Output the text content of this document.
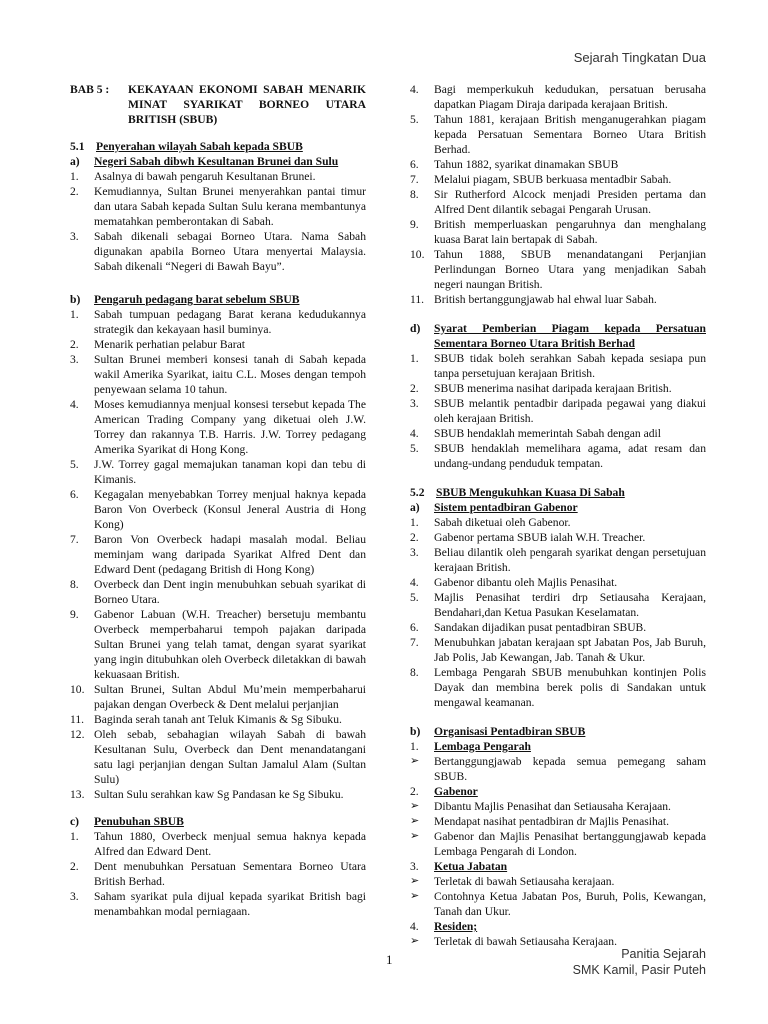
Sejarah Tingkatan Dua
BAB 5 :	KEKAYAAN EKONOMI SABAH MENARIK MINAT SYARIKAT BORNEO UTARA BRITISH (SBUB)
5.1 Penyerahan wilayah Sabah kepada SBUB
a)	Negeri Sabah dibwh Kesultanan Brunei dan Sulu
1.	Asalnya di bawah pengaruh Kesultanan Brunei.
2.	Kemudiannya, Sultan Brunei menyerahkan pantai timur dan utara Sabah kepada Sultan Sulu kerana membantunya mematahkan pemberontakan di Sabah.
3.	Sabah dikenali sebagai Borneo Utara. Nama Sabah digunakan apabila Borneo Utara menyertai Malaysia. Sabah dikenali “Negeri di Bawah Bayu”.
b)	Pengaruh pedagang barat sebelum SBUB
1.	Sabah tumpuan pedagang Barat kerana kedudukannya strategik dan kekayaan hasil buminya.
2.	Menarik perhatian pelabur Barat
3.	Sultan Brunei memberi konsesi tanah di Sabah kepada wakil Amerika Syarikat, iaitu C.L. Moses dengan tempoh penyewaan selama 10 tahun.
4.	Moses kemudiannya menjual konsesi tersebut kepada The American Trading Company yang diketuai oleh J.W. Torrey dan rakannya T.B. Harris. J.W. Torrey pedagang Amerika Syarikat di Hong Kong.
5.	J.W. Torrey gagal memajukan tanaman kopi dan tebu di Kimanis.
6.	Kegagalan menyebabkan Torrey menjual haknya kepada Baron Von Overbeck (Konsul Jeneral Austria di Hong Kong)
7.	Baron Von Overbeck hadapi masalah modal. Beliau meminjam wang daripada Syarikat Alfred Dent dan Edward Dent (pedagang British di Hong Kong)
8.	Overbeck dan Dent ingin menubuhkan sebuah syarikat di Borneo Utara.
9.	Gabenor Labuan (W.H. Treacher) bersetuju membantu Overbeck memperbaharui tempoh pajakan daripada Sultan Brunei yang telah tamat, dengan syarat syarikat yang ingin ditubuhkan oleh Overbeck diletakkan di bawah kekuasaan British.
10. Sultan Brunei, Sultan Abdul Mu’mein memperbaharui pajakan dengan Overbeck & Dent melalui perjanjian
11. Baginda serah tanah ant Teluk Kimanis & Sg Sibuku.
12. Oleh sebab, sebahagian wilayah Sabah di bawah Kesultanan Sulu, Overbeck dan Dent menandatangani satu lagi perjanjian dengan Sultan Jamalul Alam (Sultan Sulu)
13. Sultan Sulu serahkan kaw Sg Pandasan ke Sg Sibuku.
c)	Penubuhan SBUB
1.	Tahun 1880, Overbeck menjual semua haknya kepada Alfred dan Edward Dent.
2.	Dent menubuhkan Persatuan Sementara Borneo Utara British Berhad.
3.	Saham syarikat pula dijual kepada syarikat British bagi menambahkan modal perniagaan.
4.	Bagi memperkukuh kedudukan, persatuan berusaha dapatkan Piagam Diraja daripada kerajaan British.
5.	Tahun 1881, kerajaan British menganugerahkan piagam kepada Persatuan Sementara Borneo Utara British Berhad.
6.	Tahun 1882, syarikat dinamakan SBUB
7.	Melalui piagam, SBUB berkuasa mentadbir Sabah.
8.	Sir Rutherford Alcock menjadi Presiden pertama dan Alfred Dent dilantik sebagai Pengarah Urusan.
9.	British memperluaskan pengaruhnya dan menghalang kuasa Barat lain bertapak di Sabah.
10. Tahun 1888, SBUB menandatangani Perjanjian Perlindungan Borneo Utara yang menjadikan Sabah negeri naungan British.
11. British bertanggungjawab hal ehwal luar Sabah.
d)	Syarat Pemberian Piagam kepada Persatuan Sementara Borneo Utara British Berhad
1.	SBUB tidak boleh serahkan Sabah kepada sesiapa pun tanpa persetujuan kerajaan British.
2.	SBUB menerima nasihat daripada kerajaan British.
3.	SBUB melantik pentadbir daripada pegawai yang diakui oleh kerajaan British.
4.	SBUB hendaklah memerintah Sabah dengan adil
5.	SBUB hendaklah memelihara agama, adat resam dan undang-undang penduduk tempatan.
5.2 SBUB Mengukuhkan Kuasa Di Sabah
a)	Sistem pentadbiran Gabenor
1.	Sabah diketuai oleh Gabenor.
2.	Gabenor pertama SBUB ialah W.H. Treacher.
3.	Beliau dilantik oleh pengarah syarikat dengan persetujuan kerajaan British.
4.	Gabenor dibantu oleh Majlis Penasihat.
5.	Majlis Penasihat terdiri drp Setiausaha Kerajaan, Bendahari,dan Ketua Pasukan Keselamatan.
6.	Sandakan dijadikan pusat pentadbiran SBUB.
7.	Menubuhkan jabatan kerajaan spt Jabatan Pos, Jab Buruh, Jab Polis, Jab Kewangan, Jab. Tanah & Ukur.
8.	Lembaga Pengarah SBUB menubuhkan kontinjen Polis Dayak dan membina berek polis di Sandakan untuk mengawal keamanan.
b)	Organisasi Pentadbiran SBUB
1.	Lembaga Pengarah
➢	Bertanggungjawab kepada semua pemegang saham SBUB.
2.	Gabenor
➢	Dibantu Majlis Penasihat dan Setiausaha Kerajaan.
➢	Mendapat nasihat pentadbiran dr Majlis Penasihat.
➢	Gabenor dan Majlis Penasihat bertanggungjawab kepada Lembaga Pengarah di London.
3.	Ketua Jabatan
➢	Terletak di bawah Setiausaha kerajaan.
➢	Contohnya Ketua Jabatan Pos, Buruh, Polis, Kewangan, Tanah dan Ukur.
4.	Residen;
➢	Terletak di bawah Setiausaha Kerajaan.
1	Panitia Sejarah
SMK Kamil, Pasir Puteh
